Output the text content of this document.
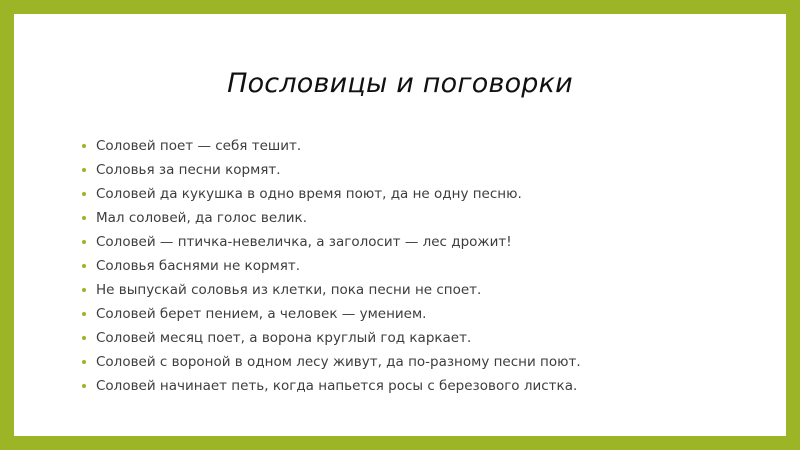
Пословицы и поговорки
Соловей поет — себя тешит.
Соловья за песни кормят.
Соловей да кукушка в одно время поют, да не одну песню.
Мал соловей, да голос велик.
Соловей — птичка-невеличка, а заголосит — лес дрожит!
Соловья баснями не кормят.
Не выпускай соловья из клетки, пока песни не споет.
Соловей берет пением, а человек — умением.
Соловей месяц поет, а ворона круглый год каркает.
Соловей с вороной в одном лесу живут, да по-разному песни поют.
Соловей начинает петь, когда напьется росы с березового листка.
